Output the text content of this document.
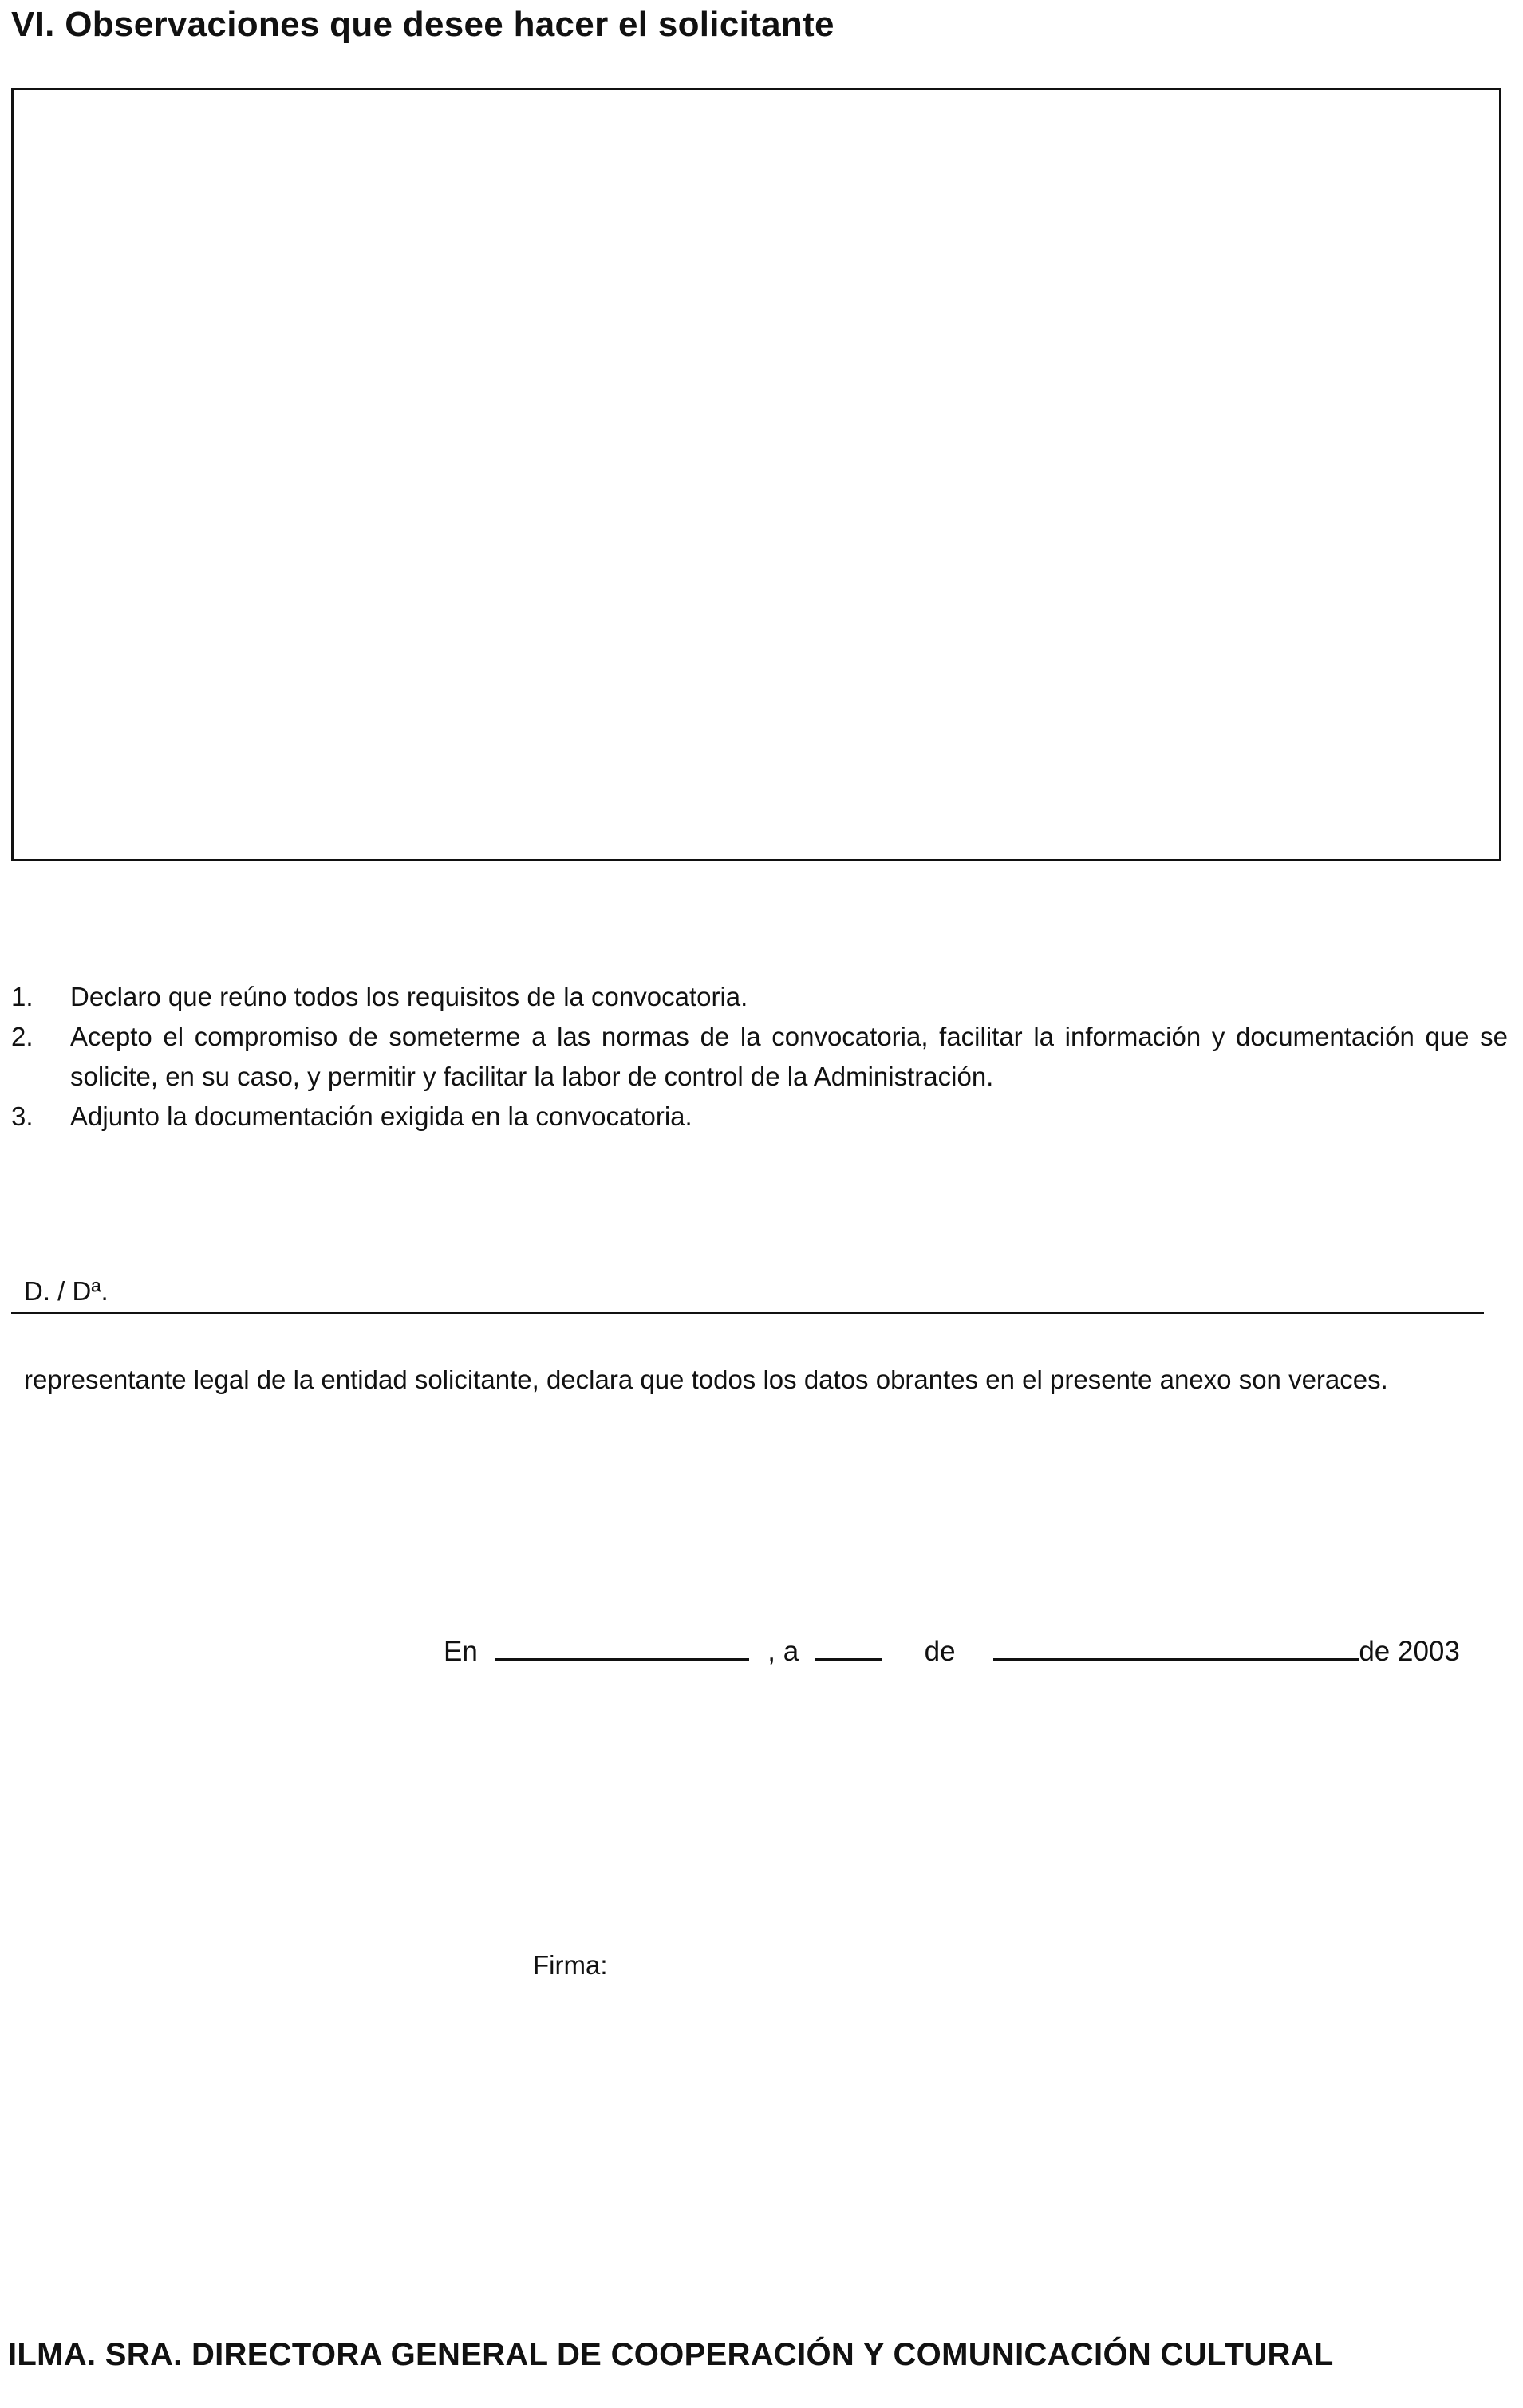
VI. Observaciones que desee hacer el solicitante
1. Declaro que reúno todos los requisitos de la convocatoria.
2. Acepto el compromiso de someterme a las normas de la convocatoria, facilitar la información y documentación que se solicite, en su caso, y permitir y facilitar la labor de control de la Administración.
3. Adjunto la documentación exigida en la convocatoria.
D. / Dª.
representante legal de la entidad solicitante, declara que todos los datos obrantes en el presente anexo son veraces.
En	, a	de	de 2003
Firma:
ILMA. SRA. DIRECTORA GENERAL DE COOPERACIÓN Y COMUNICACIÓN CULTURAL
